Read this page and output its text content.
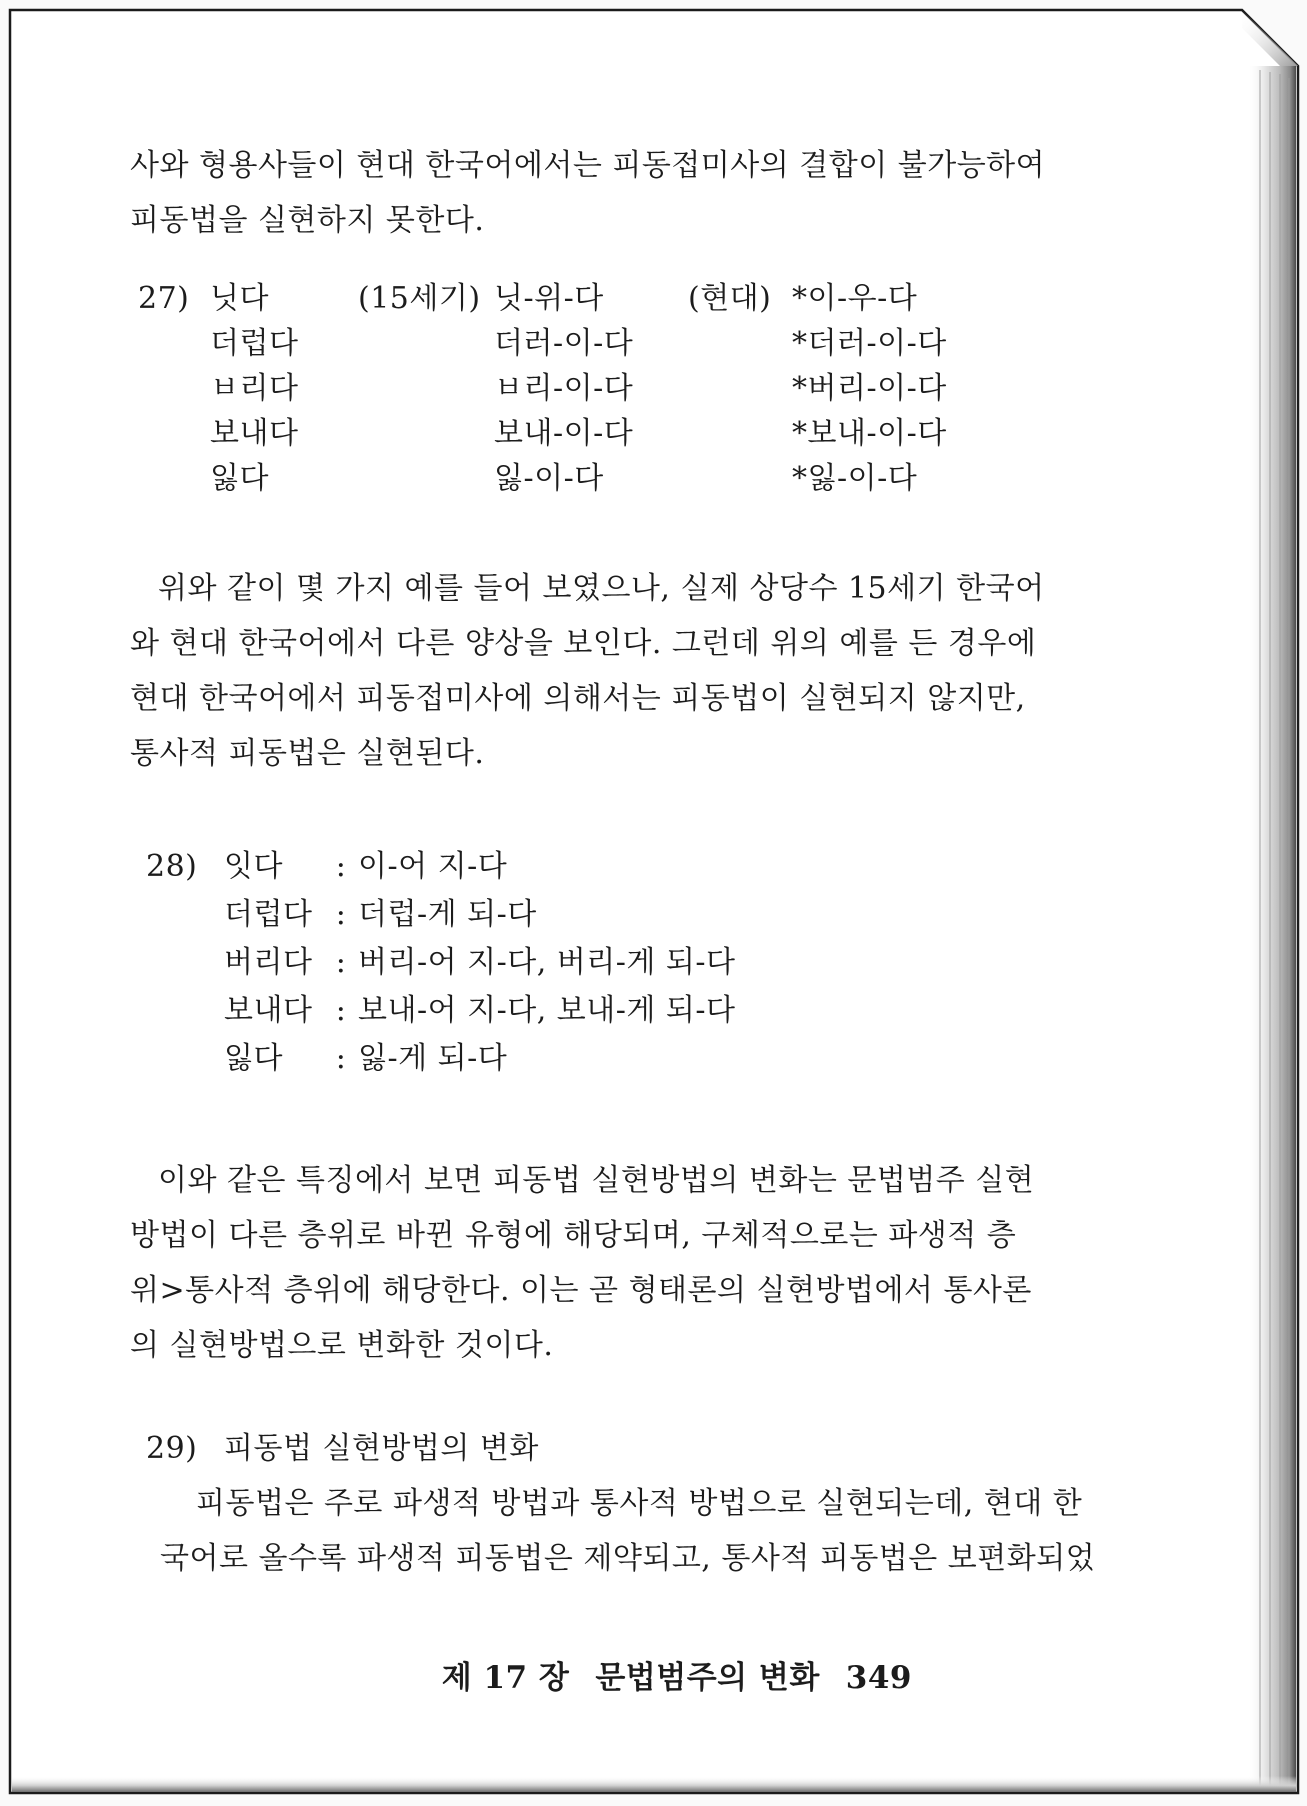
사와 형용사들이 현대 한국어에서는 피동접미사의 결합이 불가능하여
피동법을 실현하지 못한다.
27) 닛다	(15세기) 닛-위-다	(현대) *이-우-다
더럽다	더러-이-다	*더러-이-다
ㅂ리다	ㅂ리-이-다	*버리-이-다
보내다	보내-이-다	*보내-이-다
잃다	잃-이-다	*잃-이-다
위와 같이 몇 가지 예를 들어 보였으나, 실제 상당수 15세기 한국어
와 현대 한국어에서 다른 양상을 보인다. 그런데 위의 예를 든 경우에
현대 한국어에서 피동접미사에 의해서는 피동법이 실현되지 않지만,
통사적 피동법은 실현된다.
28) 잇다	: 이-어 지-다
더럽다 : 더럽-게 되-다
버리다 : 버리-어 지-다, 버리-게 되-다
보내다 : 보내-어 지-다, 보내-게 되-다
잃다	: 잃-게 되-다
이와 같은 특징에서 보면 피동법 실현방법의 변화는 문법범주 실현
방법이 다른 층위로 바뀐 유형에 해당되며, 구체적으로는 파생적 층
위>통사적 층위에 해당한다. 이는 곧 형태론의 실현방법에서 통사론
의 실현방법으로 변화한 것이다.
29) 피동법 실현방법의 변화
피동법은 주로 파생적 방법과 통사적 방법으로 실현되는데, 현대 한
국어로 올수록 파생적 피동법은 제약되고, 통사적 피동법은 보편화되었
제 17 장 문법범주의 변화 349
